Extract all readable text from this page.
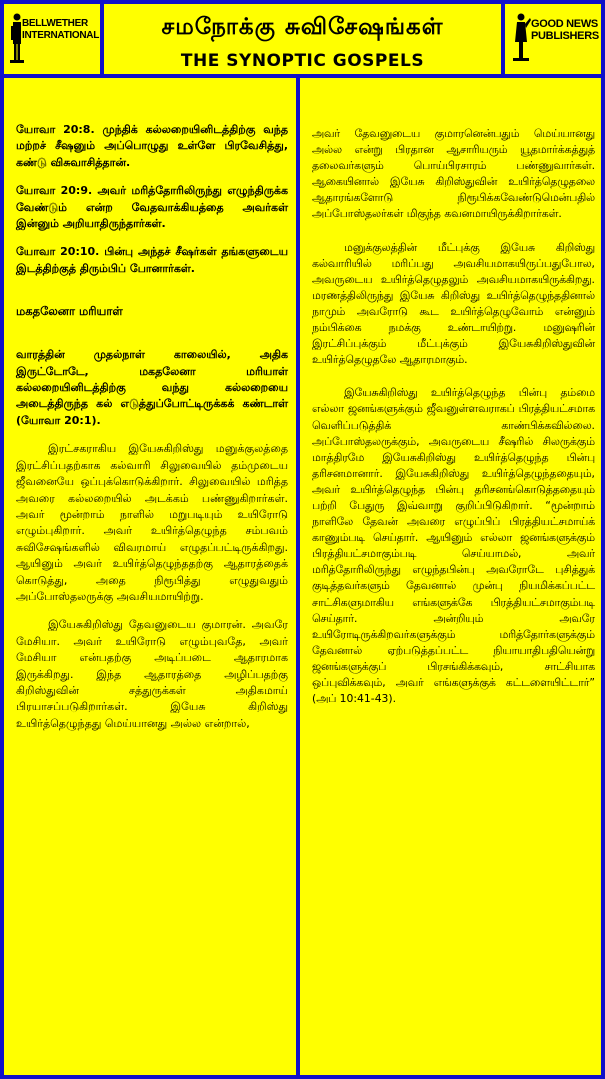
BELLWETHER
INTERNATIONAL	சமநோக்கு சுவிசேஷங்கள்
THE SYNOPTIC GOSPELS
GOOD NEWS
PUBLISHERS

யோவா 20:8. முந்திக் கல்லறையினிடத்திற்கு வந்த மற்றச் சீஷனும் அப்பொழுது உள்ளே பிரவேசித்து, கண்டு விசுவாசித்தான்.

யோவா 20:9. அவர் மரித்தோரிலிருந்து எழுந்திருக்க வேண்டும் என்ற வேதவாக்கியத்தை அவர்கள் இன்னும் அறியாதிருந்தார்கள்.

யோவா 20:10. பின்பு அந்தச் சீஷர்கள் தங்களுடைய இடத்திற்குத் திரும்பிப் போனார்கள்.

மகதலேனா மரியாள்

வாரத்தின் முதல்நாள் காலையில், அதிக இருட்டோடே, மகதலேனா மரியாள் கல்லறையினிடத்திற்கு வந்து கல்லறையை அடைத்திருந்த கல் எடுத்துப்போட்டிருக்கக் கண்டாள் (யோவா 20:1).

இரட்சகராகிய இயேசுகிறிஸ்து மனுக்குலத்தை இரட்சிப்பதற்காக கல்வாரி சிலுவையில் தம்முடைய ஜீவனையே ஒப்புக்கொடுக்கிறார். சிலுவையில் மரித்த அவரை கல்லறையில் அடக்கம் பண்ணுகிறார்கள். அவர் மூன்றாம் நாளில் மறுபடியும் உயிரோடு எழும்புகிறார். அவர் உயிர்த்தெழுந்த சம்பவம் சுவிசேஷங்களில் விவரமாய் எழுதப்பட்டிருக்கிறது. ஆயினும் அவர் உயிர்த்தெழுந்ததற்கு ஆதாரத்தைக் கொடுத்து, அதை நிரூபித்து எழுதுவதும் அப்போஸ்தலருக்கு அவசியமாயிற்று.

இயேசுகிறிஸ்து தேவனுடைய குமாரன். அவரே மேசியா. அவர் உயிரோடு எழும்புவதே, அவர் மேசியா என்பதற்கு அடிப்படை ஆதாரமாக இருக்கிறது. இந்த ஆதாரத்தை அழிப்பதற்கு கிறிஸ்துவின் சத்துருக்கள் அதிகமாய் பிரயாசப்படுகிறார்கள். இயேசு கிறிஸ்து உயிர்த்தெழுந்தது மெய்யானது அல்ல என்றால்,

அவர் தேவனுடைய குமாரனென்பதும் மெய்யானது அல்ல என்று பிரதான ஆசாரியரும் யூதமார்க்கத்துத் தலைவர்களும் பொய்பிரசாரம் பண்ணுவார்கள். ஆகையினால் இயேசு கிறிஸ்துவின் உயிர்த்தெழுதலை ஆதாரங்களோடு நிரூபிக்கவேண்டுமென்பதில் அப்போஸ்தலர்கள் மிகுந்த கவனமாயிருக்கிறார்கள்.

மனுக்குலத்தின் மீட்புக்கு இயேசு கிறிஸ்து கல்வாரியில் மரிப்பது அவசியமாகயிருப்பதுபோல, அவருடைய உயிர்த்தெழுதலும் அவசியமாகயிருக்கிறது. மரணத்திலிருந்து இயேசு கிறிஸ்து உயிர்த்தெழுந்ததினால் நாமும் அவரோடு கூட உயிர்த்தெழுவோம் என்னும் நம்பிக்கை நமக்கு உண்டாயிற்று. மனுஷரின் இரட்சிப்புக்கும் மீட்புக்கும் இயேசுகிறிஸ்துவின் உயிர்த்தெழுதலே ஆதாரமாகும்.

இயேசுகிறிஸ்து உயிர்த்தெழுந்த பின்பு தம்மை எல்லா ஜனங்களுக்கும் ஜீவனுள்ளவராகப் பிரத்தியட்சமாக வெளிப்படுத்திக் காண்பிக்கவில்லை. அப்போஸ்தலருக்கும், அவருடைய சீஷரில் சிலருக்கும் மாத்திரமே இயேசுகிறிஸ்து உயிர்த்தெழுந்த பின்பு தரிசனமானார். இயேசுகிறிஸ்து உயிர்த்தெழுந்ததையும், அவர் உயிர்த்தெழுந்த பின்பு தரிசனங்கொடுத்ததையும் பற்றி பேதுரு இவ்வாறு குறிப்பிடுகிறார். “மூன்றாம் நாளிலே தேவன் அவரை எழுப்பிப் பிரத்தியட்சமாய்க் காணும்படி செய்தார். ஆயினும் எல்லா ஜனங்களுக்கும் பிரத்தியட்சமாகும்படி செய்யாமல், அவர் மரித்தோரிலிருந்து எழுந்தபின்பு அவரோடே புசித்துக் குடித்தவர்களும் தேவனால் முன்பு நியமிக்கப்பட்ட சாட்சிகளுமாகிய எங்களுக்கே பிரத்தியட்சமாகும்படி செய்தார். அன்றியும் அவரே உயிரோடிருக்கிறவர்களுக்கும் மரித்தோர்களுக்கும் தேவனால் ஏற்படுத்தப்பட்ட நியாயாதிபதியென்று ஜனங்களுக்குப் பிரசங்கிக்கவும், சாட்சியாக ஒப்புவிக்கவும், அவர் எங்களுக்குக் கட்டளையிட்டார்” (அப் 10:41-43).
